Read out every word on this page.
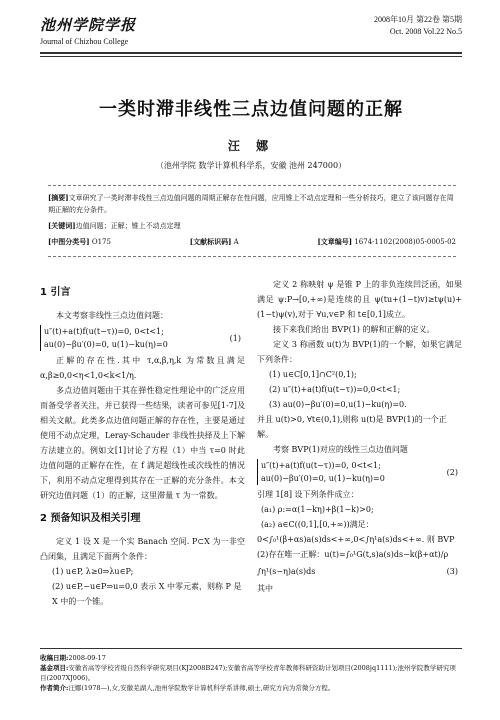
池州学院学报
Journal of Chizhou College
2008年10月 第22卷 第5期
Oct. 2008 Vol.22 No.5
一类时滞非线性三点边值问题的正解
汪 娜
（池州学院 数学计算机科学系，安徽 池州 247000）
[摘要]文章研究了一类时滞非线性三点边值问题的周期正解存在性问题，应用锥上不动点定理和一些分析技巧，建立了该问题存在周
期正解的充分条件。
[关键词]边值问题；正解；锥上不动点定理
[中图分类号] O175	[文献标识码] A	[文章编号] 1674-1102(2008)05-0005-02
1 引言
本文考察非线性三点边值问题：
u″(t)+a(t)f(u(t−τ))=0, 0<t<1;
au(0)−βu′(0)=0, u(1)−ku(η)=0
(1)
正解的存在性.其中 τ,α,β,η,k 为常数且满足 α,β≥0,0<η<1,0<k<1/η.
多点边值问题由于其在弹性稳定性理论中的广泛应用而备受学者关注，并已获得一些结果，读者可参见[1-7]及相关文献。此类多点边值问题正解的存在性，主要是通过使用不动点定理，Leray-Schauder 非线性抉择及上下解方法建立的。例如文[1]讨论了方程（1）中当 τ=0 时此边值问题的正解存在性，在 f 满足超线性或次线性的情况下，利用不动点定理得到其存在一正解的充分条件。本文研究边值问题（1）的正解，这里滞量 τ 为一常数。
2 预备知识及相关引理
定义 1 设 X 是一个实 Banach 空间. P⊂X 为一非空凸闭集，且满足下面两个条件：
(1) u∈P, λ≥0⇒λu∈P;
(2) u∈P,−u∈P⇒u=0,0 表示 X 中零元素，则称 P 是 X 中的一个锥。
定义 2 称映射 ψ 是锥 P 上的非负连续凹泛函，如果满足 ψ:P→[0,+∞)是连续的且 ψ(tu+(1−t)v)≥tψ(u)+(1−t)ψ(v),对于 ∀u,v∈P 和 t∈[0,1]成立。
接下来我们给出 BVP(1) 的解和正解的定义。
定义 3 称函数 u(t)为 BVP(1)的一个解，如果它满足下列条件：
(1) u∈C[0,1]∩C²(0,1);
(2) u″(t)+a(t)f(u(t−τ))=0,0<t<1;
(3) au(0)−βu′(0)=0,u(1)−ku(η)=0.
并且 u(t)>0, ∀t∈(0,1),则称 u(t)是 BVP(1)的一个正解。
考察 BVP(1)对应的线性三点边值问题
u″(t)+a(t)f(u(t−τ))=0, 0<t<1;
au(0)−βu′(0)=0, u(1)−ku(η)=0
(2)
引理 1[8] 设下列条件成立：
(a₁) ρ:=α(1−kη)+β(1−k)>0;
(a₂) a∈C((0,1],[0,+∞))满足：
0<∫₀¹(β+αs)a(s)ds<+∞,0<∫η¹a(s)ds<+∞. 则 BVP
(2)存在唯一正解：u(t)=∫₀¹G(t,s)a(s)ds−k(β+αt)/ρ
∫η¹(s−η)a(s)ds	(3)
其中
收稿日期:2008-09-17
基金项目:安徽省高等学校省级自然科学研究项目(KJ2008B247);安徽省高等学校青年教师科研资助计划项目(2008jq1111);池州学院教学研究项目(2007XJ006)。
作者简介:汪娜(1978—),女,安徽芜湖人,池州学院数学计算机科学系讲师,硕士,研究方向为常微分方程。
